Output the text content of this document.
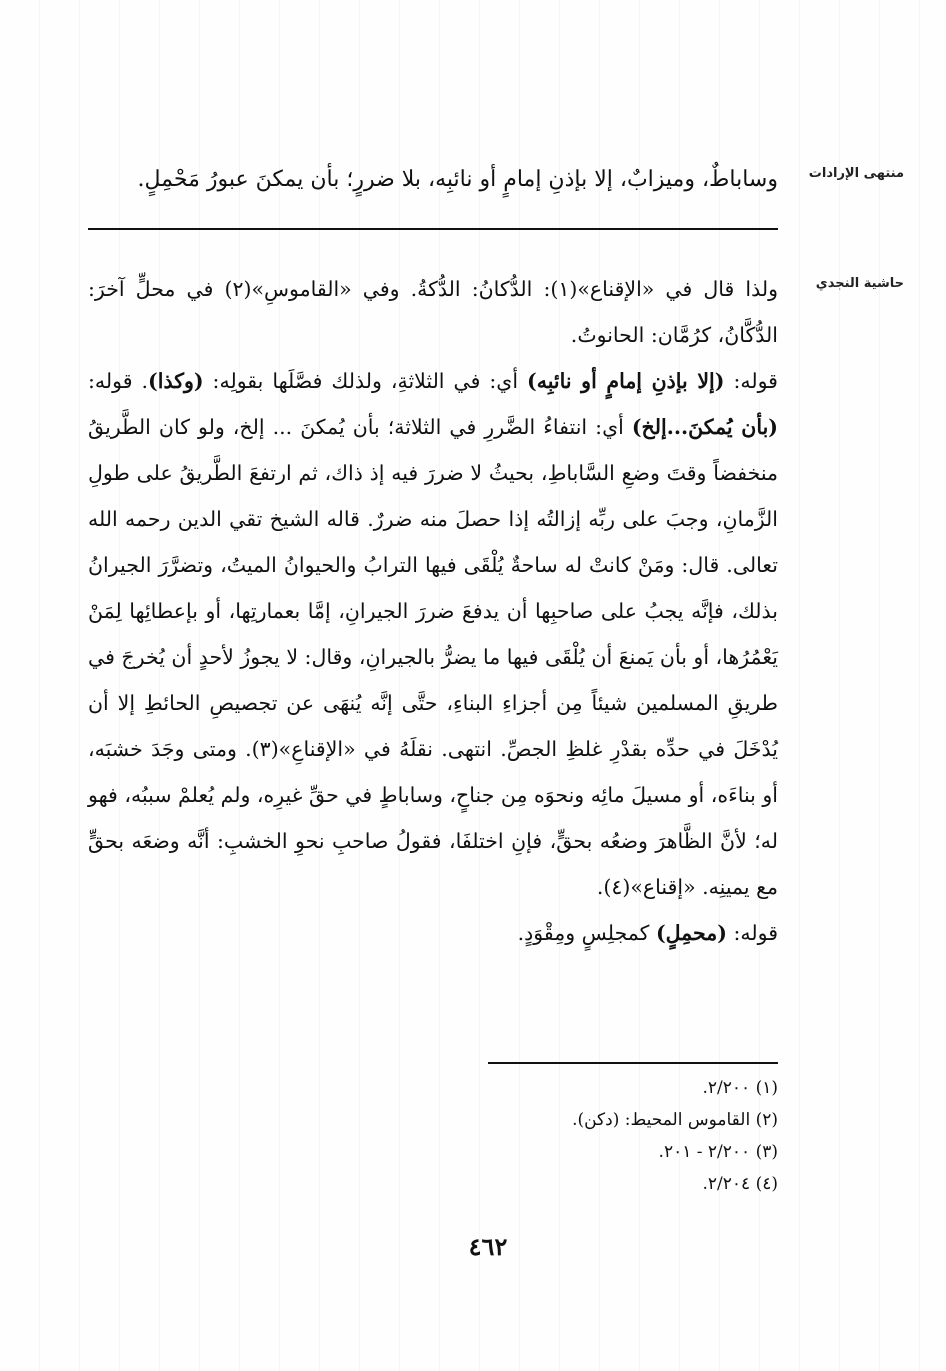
منتهى الإرادات
وساباطٌ، وميزابٌ، إلا بإذنِ إمامٍ أو نائبِه، بلا ضررٍ؛ بأن يمكنَ عبورُ مَحْمِلٍ.
حاشية النجدي

ولذا قال في «الإقناع»(١): الدُّكانُ: الدُّكةُ. وفي «القاموسِ»(٢) في محلٍّ آخرَ: الدُّكَّانُ، كرُمَّان: الحانوتُ.

قوله: (إلا بإذنِ إمامٍ أو نائبِه) أي: في الثلاثةِ، ولذلك فصَّلَها بقولِه: (وكذا). قوله: (بأن يُمكنَ...إلخ) أي: انتفاءُ الضَّررِ في الثلاثة؛ بأن يُمكنَ ... إلخ، ولو كان الطَّريقُ منخفضاً وقتَ وضعِ السَّاباطِ، بحيثُ لا ضررَ فيه إذ ذاك، ثم ارتفعَ الطَّريقُ على طولِ الزَّمانِ، وجبَ على ربِّه إزالتُه إذا حصلَ منه ضررٌ. قاله الشيخ تقي الدين رحمه الله تعالى. قال: ومَنْ كانتْ له ساحةٌ يُلْقَى فيها الترابُ والحيوانُ الميتُ، وتضرَّرَ الجيرانُ بذلك، فإنَّه يجبُ على صاحبِها أن يدفعَ ضررَ الجيرانِ، إمَّا بعمارتِها، أو بإعطائِها لِمَنْ يَعْمُرُها، أو بأن يَمنعَ أن يُلْقَى فيها ما يضرُّ بالجيرانِ، وقال: لا يجوزُ لأحدٍ أن يُخرجَ في طريقِ المسلمين شيئاً مِن أجزاءِ البناءِ، حتَّى إنَّه يُنهَى عن تجصيصِ الحائطِ إلا أن يُدْخَلَ في حدِّه بقدْرِ غلظِ الجصِّ. انتهى. نقلَهُ في «الإقناعِ»(٣). ومتى وجَدَ خشبَه، أو بناءَه، أو مسيلَ مائِه ونحوَه مِن جناحٍ، وساباطٍ في حقِّ غيرِه، ولم يُعلمْ سببُه، فهو له؛ لأنَّ الظَّاهرَ وضعُه بحقٍّ، فإنِ اختلفَا، فقولُ صاحبِ نحوِ الخشبِ: أنَّه وضعَه بحقٍّ مع يمينِه. «إقناع»(٤).

قوله: (محمِلٍ) كمجلِسٍ ومِقْوَدٍ.

(١) ٢/٢٠٠.
(٢) القاموس المحيط: (دكن).
(٣) ٢/٢٠٠ - ٢٠١.
(٤) ٢/٢٠٤.
٤٦٢
